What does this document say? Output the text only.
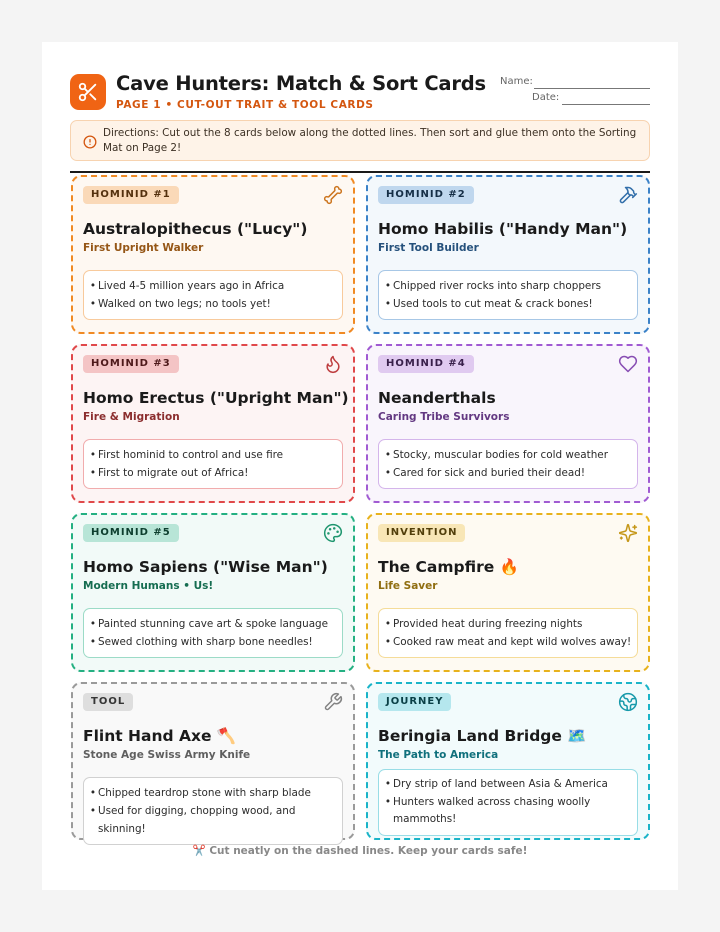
Cave Hunters: Match & Sort Cards
PAGE 1 • CUT-OUT TRAIT & TOOL CARDS
Name:
Date:
Directions: Cut out the 8 cards below along the dotted lines. Then sort and glue them onto the Sorting Mat on Page 2!
HOMINID #1
Australopithecus ("Lucy")
First Upright Walker
• Lived 4-5 million years ago in Africa
• Walked on two legs; no tools yet!
HOMINID #2
Homo Habilis ("Handy Man")
First Tool Builder
• Chipped river rocks into sharp choppers
• Used tools to cut meat & crack bones!
HOMINID #3
Homo Erectus ("Upright Man")
Fire & Migration
• First hominid to control and use fire
• First to migrate out of Africa!
HOMINID #4
Neanderthals
Caring Tribe Survivors
• Stocky, muscular bodies for cold weather
• Cared for sick and buried their dead!
HOMINID #5
Homo Sapiens ("Wise Man")
Modern Humans • Us!
• Painted stunning cave art & spoke language
• Sewed clothing with sharp bone needles!
INVENTION
The Campfire 🔥
Life Saver
• Provided heat during freezing nights
• Cooked raw meat and kept wild wolves away!
TOOL
Flint Hand Axe 🪓
Stone Age Swiss Army Knife
• Chipped teardrop stone with sharp blade
• Used for digging, chopping wood, and skinning!
JOURNEY
Beringia Land Bridge 🗺️
The Path to America
• Dry strip of land between Asia & America
• Hunters walked across chasing woolly
mammoths!
✂️ Cut neatly on the dashed lines. Keep your cards safe!
